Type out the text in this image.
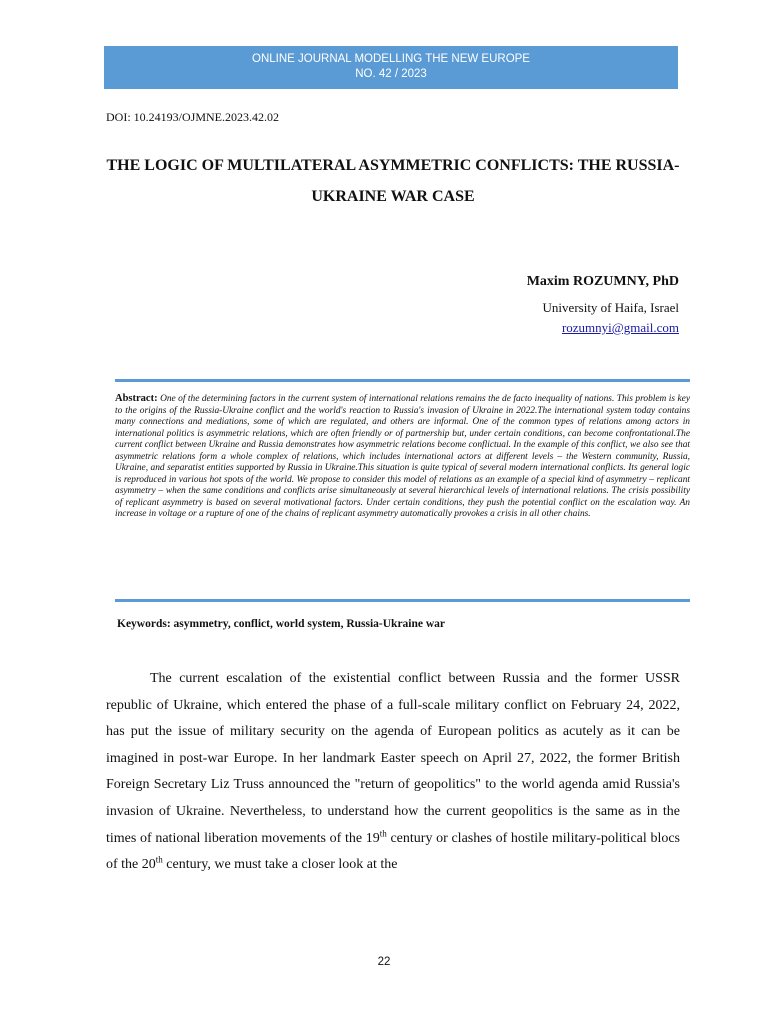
ONLINE JOURNAL MODELLING THE NEW EUROPE
NO. 42 / 2023
DOI: 10.24193/OJMNE.2023.42.02
THE LOGIC OF MULTILATERAL ASYMMETRIC CONFLICTS: THE RUSSIA-UKRAINE WAR CASE
Maxim ROZUMNY, PhD
University of Haifa, Israel
rozumnyi@gmail.com
Abstract: One of the determining factors in the current system of international relations remains the de facto inequality of nations. This problem is key to the origins of the Russia-Ukraine conflict and the world's reaction to Russia's invasion of Ukraine in 2022.The international system today contains many connections and mediations, some of which are regulated, and others are informal. One of the common types of relations among actors in international politics is asymmetric relations, which are often friendly or of partnership but, under certain conditions, can become confrontational.The current conflict between Ukraine and Russia demonstrates how asymmetric relations become conflictual. In the example of this conflict, we also see that asymmetric relations form a whole complex of relations, which includes international actors at different levels – the Western community, Russia, Ukraine, and separatist entities supported by Russia in Ukraine.This situation is quite typical of several modern international conflicts. Its general logic is reproduced in various hot spots of the world. We propose to consider this model of relations as an example of a special kind of asymmetry – replicant asymmetry – when the same conditions and conflicts arise simultaneously at several hierarchical levels of international relations. The crisis possibility of replicant asymmetry is based on several motivational factors. Under certain conditions, they push the potential conflict on the escalation way. An increase in voltage or a rupture of one of the chains of replicant asymmetry automatically provokes a crisis in all other chains.
Keywords: asymmetry, conflict, world system, Russia-Ukraine war

The current escalation of the existential conflict between Russia and the former USSR republic of Ukraine, which entered the phase of a full-scale military conflict on February 24, 2022, has put the issue of military security on the agenda of European politics as acutely as it can be imagined in post-war Europe. In her landmark Easter speech on April 27, 2022, the former British Foreign Secretary Liz Truss announced the "return of geopolitics" to the world agenda amid Russia's invasion of Ukraine. Nevertheless, to understand how the current geopolitics is the same as in the times of national liberation movements of the 19th century or clashes of hostile military-political blocs of the 20th century, we must take a closer look at the

22
